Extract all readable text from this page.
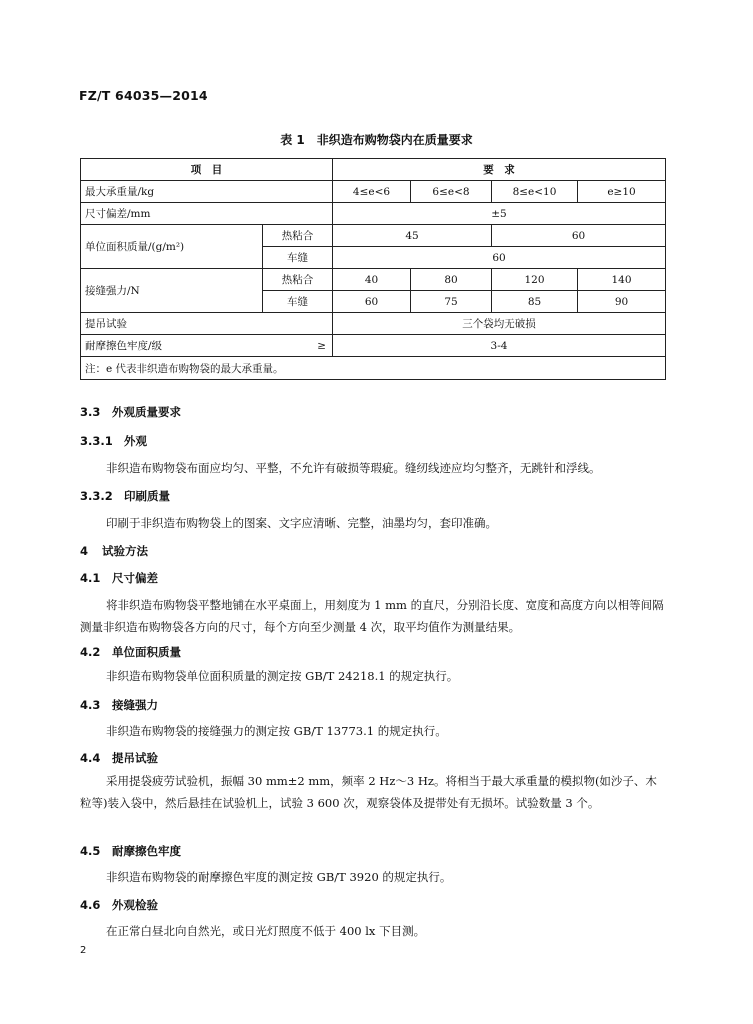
FZ/T 64035—2014
表 1　非织造布购物袋内在质量要求
项　目		要　求			
最大承重量/kg		4≤e<6	6≤e<8	8≤e<10	e≥10
尺寸偏差/mm		±5			
单位面积质量/(g/m²)		热粘合	45		60	
	车缝	60			
接缝强力/N		热粘合	40	80	120	140
	车缝	60	75	85	90
提吊试验		三个袋均无破损			
耐摩擦色牢度/级	≥	3-4			
注：e 代表非织造布购物袋的最大承重量。					
3.3 外观质量要求
3.3.1 外观
非织造布购物袋布面应均匀、平整，不允许有破损等瑕疵。缝纫线迹应均匀整齐，无跳针和浮线。
3.3.2 印刷质量
印刷于非织造布购物袋上的图案、文字应清晰、完整，油墨均匀，套印准确。
4 试验方法
4.1 尺寸偏差
将非织造布购物袋平整地铺在水平桌面上，用刻度为 1 mm 的直尺，分别沿长度、宽度和高度方向以相等间隔测量非织造布购物袋各方向的尺寸，每个方向至少测量 4 次，取平均值作为测量结果。
4.2 单位面积质量
非织造布购物袋单位面积质量的测定按 GB/T 24218.1 的规定执行。
4.3 接缝强力
非织造布购物袋的接缝强力的测定按 GB/T 13773.1 的规定执行。
4.4 提吊试验
采用提袋疲劳试验机，振幅 30 mm±2 mm，频率 2 Hz～3 Hz。将相当于最大承重量的模拟物(如沙子、木粒等)装入袋中，然后悬挂在试验机上，试验 3 600 次，观察袋体及提带处有无损坏。试验数量 3 个。
4.5 耐摩擦色牢度
非织造布购物袋的耐摩擦色牢度的测定按 GB/T 3920 的规定执行。
4.6 外观检验
在正常白昼北向自然光，或日光灯照度不低于 400 lx 下目测。
2
